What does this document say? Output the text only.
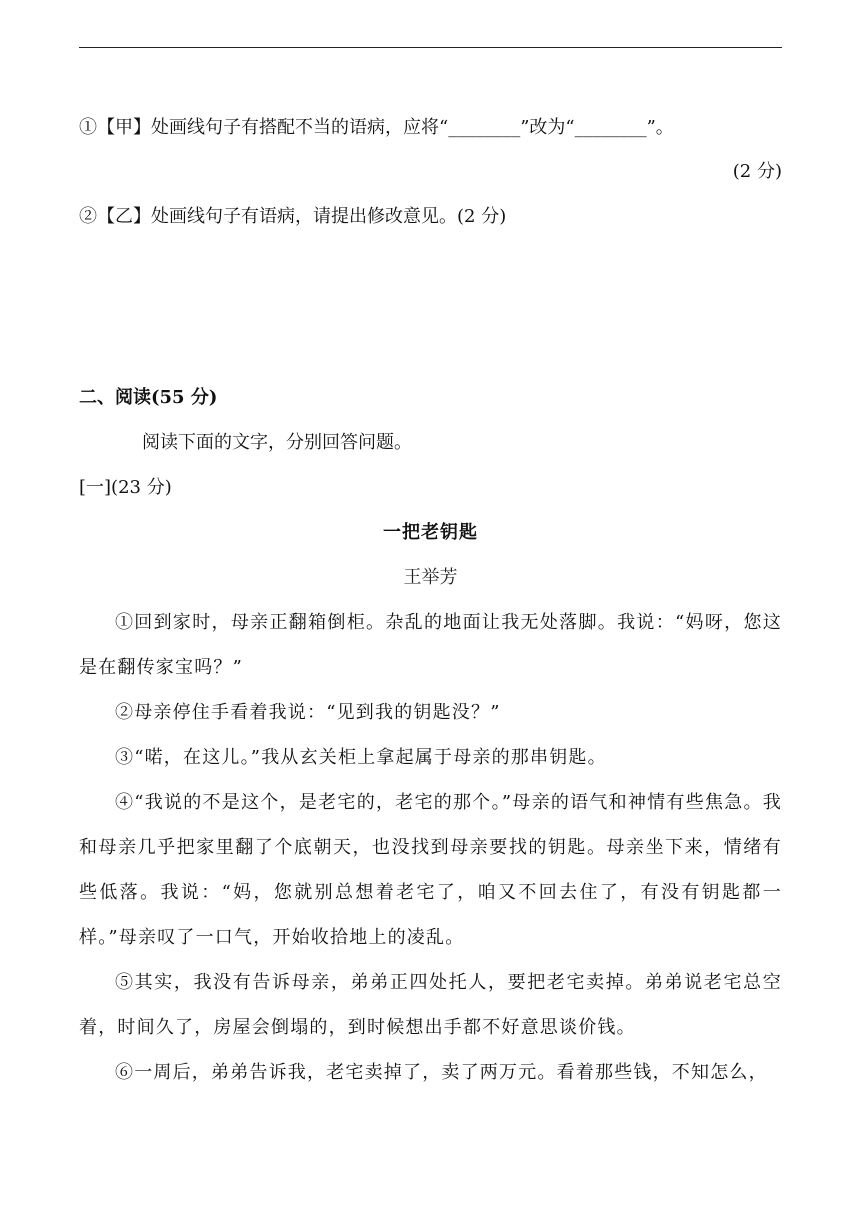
①【甲】处画线句子有搭配不当的语病，应将“________”改为“________”。
(2 分)
②【乙】处画线句子有语病，请提出修改意见。(2 分)
二、阅读(55 分)
阅读下面的文字，分别回答问题。
[一](23 分)
一把老钥匙
王举芳
①回到家时，母亲正翻箱倒柜。杂乱的地面让我无处落脚。我说：“妈呀，您这是在翻传家宝吗？”
②母亲停住手看着我说：“见到我的钥匙没？”
③“喏，在这儿。”我从玄关柜上拿起属于母亲的那串钥匙。
④“我说的不是这个，是老宅的，老宅的那个。”母亲的语气和神情有些焦急。我和母亲几乎把家里翻了个底朝天，也没找到母亲要找的钥匙。母亲坐下来，情绪有些低落。我说：“妈，您就别总想着老宅了，咱又不回去住了，有没有钥匙都一样。”母亲叹了一口气，开始收拾地上的凌乱。
⑤其实，我没有告诉母亲，弟弟正四处托人，要把老宅卖掉。弟弟说老宅总空着，时间久了，房屋会倒塌的，到时候想出手都不好意思谈价钱。
⑥一周后，弟弟告诉我，老宅卖掉了，卖了两万元。看着那些钱，不知怎么，
